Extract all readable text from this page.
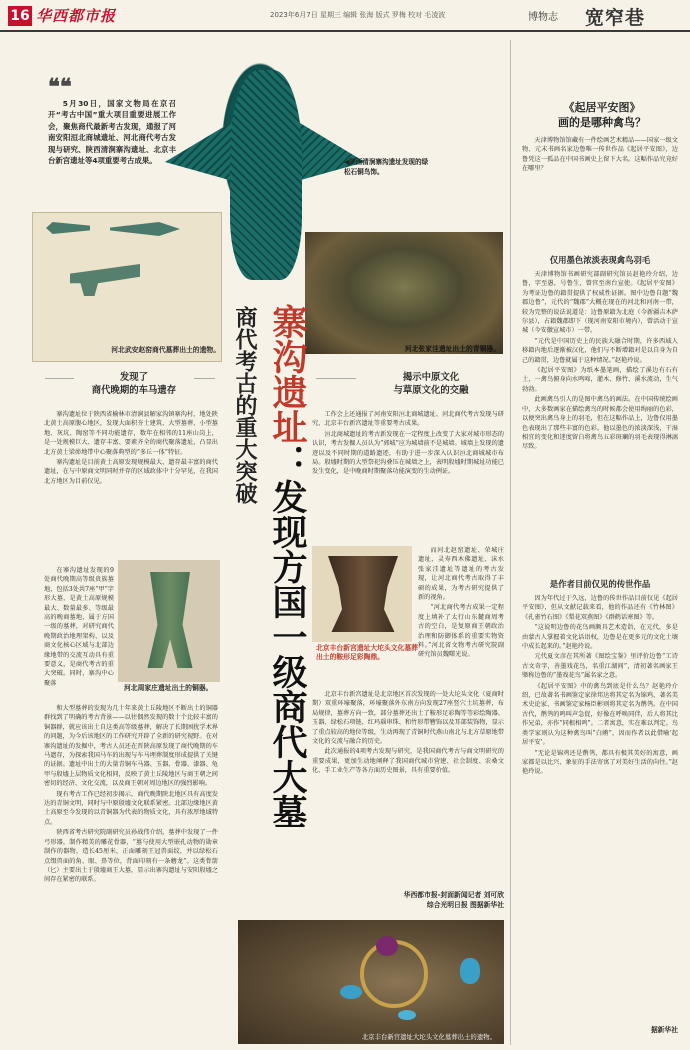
16 华西都市报	2023年6月7日 星期三 编辑 张海 版式 罗梅 校对 毛凌波	博物志 宽窄巷
❝❝

5月30日，国家文物局在京召开“考古中国”重大项目重要进展工作会，聚焦商代最新考古发现，通报了河南安阳洹北商城遗址、河北商代考古发现与研究、陕西清涧寨沟遗址、北京丰台新宫遗址等4项重要考古成果。	◀陕西清涧寨沟遗址发现的绿松石铜鸟饰。
河北武安赵窑商代墓葬出土的遗物。	河北张家洼遗址出土的青铜器。
商代考古的重大突破 寨沟遗址：发现方国一级商代大墓
发现了
商代晚期的车马遗存

寨沟遗址位于陕西省榆林市清涧县解家沟镇寨沟村，地处陕北黄土高原腹心地区，发现大面积夯土建筑、大型墓葬、小型墓地、灰坑、陶窑等不同功能遗存，数年在相邻的11座山岗上，是一处规模巨大、遗存丰富、要素齐全的商代聚落遗址，凸显出北方黄土梁峁地带中心聚落典型的“多丘一体”特征。

寨沟遗址是目前黄土高原发现规模最大、遗存最丰富的商代遗址，在与中原商文明同时并存的区域政体中十分罕见，在我国北方地区为目前仅见。

在寨沟遗址发现的9处商代晚期高等级贵族墓地，包括3处共7座“甲”字形大墓，是黄土高原规模最大、数量最多、等级最高的晚商墓地，属于方国一级的墓葬，对研究商代晚期政治地理架构、以及商文化核心区域与北部边缘地带的交流互动具有重要意义，是商代考古的重大突破。同时，寨沟中心聚落

河北周家庄遗址出土的铜器。

和大型墓葬的发现为几十年来黄土丘陵地区不断出土的铜器群找到了明确的考古背景——以往偶然发现的数十个比较丰富的铜器群，就应该出土自这类高等级墓葬，解决了长期困扰学术界的问题，为今后该地区的工作研究开辟了全新的研究视野。在对寨沟遗址的发掘中，考古人员还在晋陕高原发现了商代晚期的车马遗存，为探索我国马车的出现与车马埋葬制度形成提供了关键的证据。遗址中出土的大量青铜车马器、玉器、骨器、漆器、龟甲与殷墟上层物质文化相同，反映了黄土丘陵地区与商王朝之间密切的经济、文化交流，以及商王朝对周边地区的强烈影响。

现有考古工作已经初步揭示，商代晚期陕北地区具有高度发达的青铜文明，同时与中原殷墟文化联系紧密。北部边缘地区黄土高原至今发现的以青铜器为代表的物质文化，具有浓厚地域特点。

陕西省考古研究院副研究员孙战伟介绍，墓葬中发现了一件弓形器，制作精美的雕花骨器，“墓与使用大型嵌孔动物的勋章制作的器物，造长45厘米，正面雕刻王冠兽面纹，并以绿松石点缀兽面的角、眼、鼻等位，背面印刻有一条蘑龙”。这类骨箭（匕）主要出土于殷墟商王大墓，显示出寨沟遗址与安阳殷墟之间存在紧密的联系。

揭示中原文化
与草原文化的交融

工作会上还通报了河南安阳洹北商城遗址、河北商代考古发现与研究、北京丰台新宫遗址等重要考古成果。

洹北商城遗址的考古新发现在一定程度上改变了大家对城市形态的认识，考古发掘人员认为“郭城”应为城墙前不是城墙。城墙上发现的遗迹以及不同时期的道路遗迹，有助于进一步深入认识洹北商城城市布局。殷墟时期的大型祭祀沟叠压在城墙之上，表明殷墟时期城址功能已发生变化，是中晚商时期聚落功能演变的生动例证。

北京丰台新宫遗址大坨头文化墓葬出土的鞍形足彩陶鼎。

而河北赵窑遗址、荣城庄遗址、灵寿西木佛遗址、沫水张家洼遗址等遗址的考古发现，让河北商代考古取得了丰硕的成果，为考古研究提供了新的视角。

“河北商代考古成果一定程度上填补了太行山东麓商周考古的空白，是复原商王朝政治治理和防御体系的重要实物资料。”河北省文物考古研究院副研究馆员魏曙光说。

北京丰台新宫遗址是北京地区首次发现的一处大坨头文化（夏商时期）双重环壕聚落，环壕聚落外东南方向发现27座竖穴土坑墓葬，布局规律，墓葬方向一致，部分墓葬还出土了鞍形足彩陶等等彩绘陶器、玉器、绿松石项链、红玛瑙串珠、和竹形带簪饰以及耳部装饰物，显示了重点较高的地位等级，生动再现了青铜时代燕山南北与北方草原地带文化的交流与融合的历史。

此次通报的4项考古发现与研究，是我国商代考古与商文明研究的重要成果，更加生动地阐释了我国商代城市营建、社会制度、农桑文化、手工业生产等各方面历史图景，具有重要价值。

华西都市报-封面新闻记者 刘可欣
综合光明日报 图据新华社
北京丰台新宫遗址大坨头文化墓葬出土的遗物。
《起居平安图》
画的是哪种禽鸟？

天津博物馆馆藏有一件绘画艺术精品——国家一级文物、元末书画名家边鲁唯一传世作品《起居平安图》，边鲁凭这一孤品在中国书画史上留下大名。这幅作品究竟好在哪里？

仅用墨色浓淡表现禽鸟羽毛

天津博物馆书画研究部副研究馆员赵艳玲介绍，边鲁，字至愚，号鲁生，曾官至南台宣使。《起居平安图》为考证边鲁的籍贯提供了权威性证据。图中边鲁自题“魏郡边鲁”，元代的“魏郡”大概在现在的河北和河南一带，较为完整的说法说道是：边鲁原籍为北庭（今新疆吉木萨尔县），占籍魏郡即下（现河南安阳市境内），曾活动于宣城（今安徽宣城市）一带。

“元代是中国历史上的民族大融合时期，许多西域人移籍内地后逐渐被汉化，他们与不断增籍对是以自身为自己的籍贯，边鲁就属于这种情况。”赵艳玲说。

《起居平安图》为纸本墨笔画，描绘了溪边有石有土，一禽鸟俯身向水鸣啼，灌木、修竹、溪水流动，生气勃勃。

此画禽鸟引人的是图中禽鸟的画法。在中国传统绘画中，大多数画家在描绘禽鸟的时候都会使用绚丽的色彩，以便突出禽鸟身上的羽毛，但在这幅作品上，边鲁仅用墨色表现出了那些丰富的色彩。他以墨色的浓淡深浅，干湿相宜的变化和迷度留白将禽鸟五彩斑斓的羽毛表现得淋漓尽致。

是作者目前仅见的传世作品

因为年代过于久远，边鲁的传世作品目前仅见《起居平安图》，但从文献记载来看，他的作品还有《竹林图》《孔雀竹石图》《梨花双燕图》《群鹤话寒图》等。

“这说明边鲁的花鸟画颇具艺术造诣，在元代，多是由蒙古人掌握着文化话语权，边鲁是在更多元的文化土壤中成长起来的。”赵艳玲说。

元代夏文彦在其所著《图绘宝鉴》里评价边鲁“工诗古文奇字，善墨戏花鸟，名重江湖间”，清初著名画家王槩称边鲁的“墨戏花鸟”属名家之意。

《起居平安图》中的禽鸟到底是什么鸟？赵艳玲介绍，已故著名书画鉴定家徐邦达将其定名为锦鸡，著名美术史论家、书画鉴定家杨臣彬则将其定名为鹡鸰。在中国古代，鹡鸰的鸣叫声急促，好像在呼唤同伴，后人将其比作兄弟，亦作“同根相鸣”。二者寓意，实在难以判定。鸟类学家则认为这种禽鸟叫“白鹇”，因而作者以此借喻‘起居平安’。

“无论是锦鸡还是鹡鸰，都具有极其美好的寓意，画家都是以比兴、象征的手法寄寓了对美好生活的向往。”赵艳玲说。

据新华社
